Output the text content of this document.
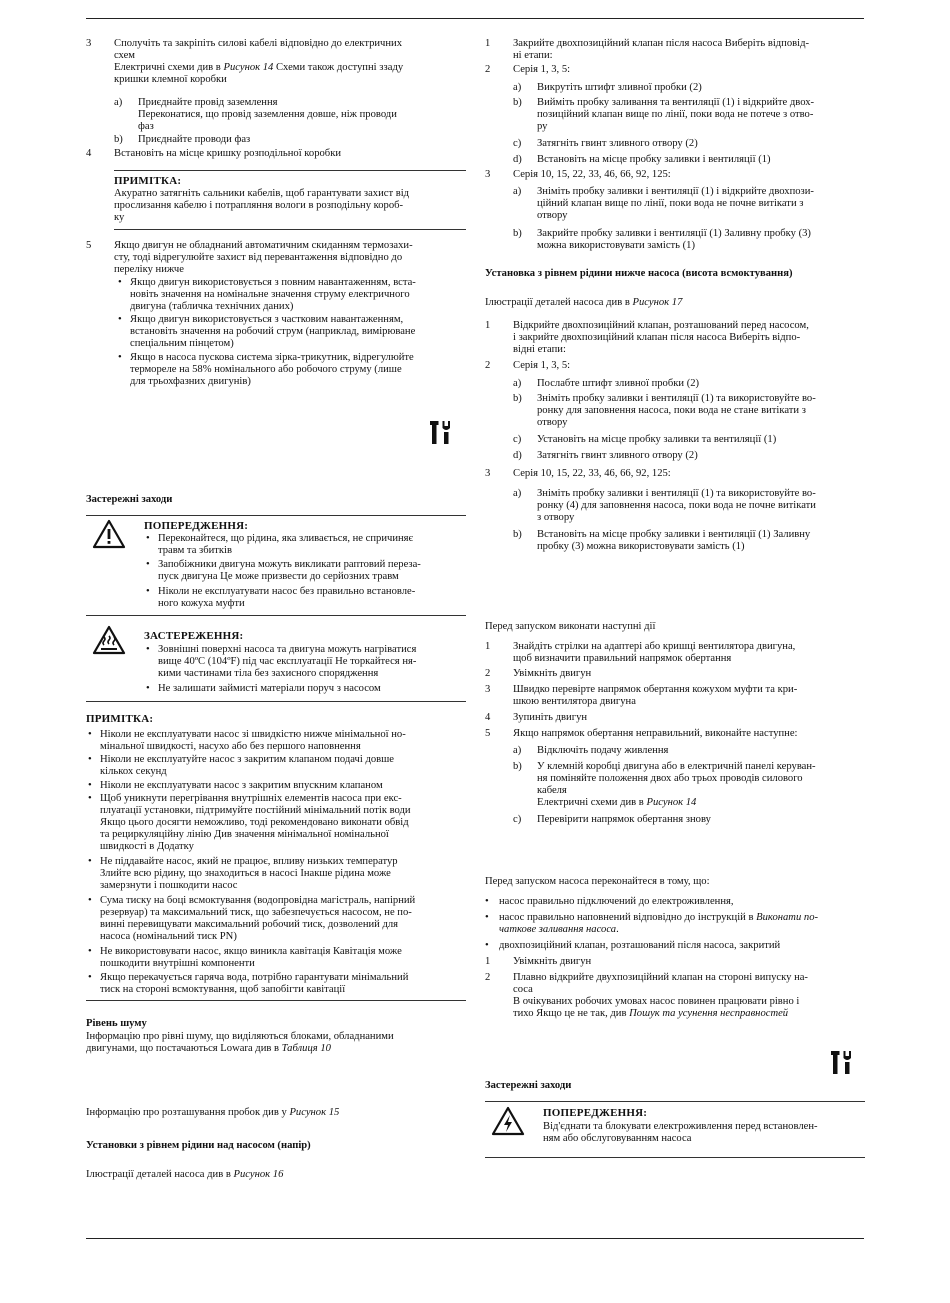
3 Сполучіть та закріпіть силові кабелі відповідно до електричних
схем
Електричні схеми див в Рисунок 14 Схеми також доступні ззаду
кришки клемної коробки
a) Приєднайте провід заземлення
Переконатися, що провід заземлення довше, ніж проводи
фаз
b) Приєднайте проводи фаз
4 Встановіть на місце кришку розподільної коробки
ПРИМІТКА:
Акуратно затягніть сальники кабелів, щоб гарантувати захист від
прослизання кабелю і потрапляння вологи в розподільну короб-
ку
5 Якщо двигун не обладнаний автоматичним скиданням термозахи-
сту, тоді відрегулюйте захист від перевантаження відповідно до
переліку нижче
• Якщо двигун використовується з повним навантаженням, вста-
новіть значення на номінальне значення струму електричного
двигуна (табличка технічних даних)
• Якщо двигун використовується з частковим навантаженням,
встановіть значення на робочий струм (наприклад, вимірюване
спеціальним пінцетом)
• Якщо в насоса пускова система зірка-трикутник, відрегулюйте
термореле на 58% номінального або робочого струму (лише
для трьохфазних двигунів)
Застережні заходи
ПОПЕРЕДЖЕННЯ:
• Переконайтеся, що рідина, яка зливається, не спричиняє
травм та збитків
• Запобіжники двигуна можуть викликати раптовий переза-
пуск двигуна Це може призвести до серйозних травм
• Ніколи не експлуатувати насос без правильно встановле-
ного кожуха муфти
ЗАСТЕРЕЖЕННЯ:
• Зовнішні поверхні насоса та двигуна можуть нагріватися
вище 40ºC (104ºF) під час експлуатації Не торкайтеся ня-
кими частинами тіла без захисного спорядження
• Не залишати займисті матеріали поруч з насосом
ПРИМІТКА:
• Ніколи не експлуатувати насос зі швидкістю нижче мінімальної но-
мінальної швидкості, насухо або без першого наповнення
• Ніколи не експлуатуйте насос з закритим клапаном подачі довше
кількох секунд
• Ніколи не експлуатувати насос з закритим впускним клапаном
• Щоб уникнути перегрівання внутрішніх елементів насоса при екс-
плуатації установки, підтримуйте постійний мінімальний потік води
Якщо цього досягти неможливо, тоді рекомендовано виконати обвід
та рециркуляційну лінію Див значення мінімальної номінальної
швидкості в Додатку
• Не піддавайте насос, який не працює, впливу низьких температур
Злийте всю рідину, що знаходиться в насосі Інакше рідина може
замерзнути і пошкодити насос
• Сума тиску на боці всмоктування (водопровідна магістраль, напірний
резервуар) та максимальний тиск, що забезпечується насосом, не по-
винні перевищувати максимальний робочий тиск, дозволений для
насоса (номінальний тиск PN)
• Не використовувати насос, якщо виникла кавітація Кавітація може
пошкодити внутрішні компоненти
• Якщо перекачується гаряча вода, потрібно гарантувати мінімальний
тиск на стороні всмоктування, щоб запобігти кавітації
Рівень шуму
Інформацію про рівні шуму, що виділяються блоками, обладнаними
двигунами, що постачаються Lowara див в Таблиця 10
Інформацію про розташування пробок див у Рисунок 15
Установки з рівнем рідини над насосом (напір)
Ілюстрації деталей насоса див в Рисунок 16
1 Закрийте двохпозиційний клапан після насоса Виберіть відповід-
ні етапи:
2 Серія 1, 3, 5:
a) Викрутіть штифт зливної пробки (2)
b) Вийміть пробку заливання та вентиляції (1) і відкрийте двох-
позиційний клапан вище по лінії, поки вода не потече з отво-
ру
c) Затягніть гвинт зливного отвору (2)
d) Встановіть на місце пробку заливки і вентиляції (1)
3 Серія 10, 15, 22, 33, 46, 66, 92, 125:
a) Зніміть пробку заливки і вентиляції (1) і відкрийте двохпози-
ційний клапан вище по лінії, поки вода не почне витікати з
отвору
b) Закрийте пробку заливки і вентиляції (1) Заливну пробку (3)
можна використовувати замість (1)
Установка з рівнем рідини нижче насоса (висота всмоктування)
Ілюстрації деталей насоса див в Рисунок 17
1 Відкрийте двохпозиційний клапан, розташований перед насосом,
і закрийте двохпозиційний клапан після насоса Виберіть відпо-
відні етапи:
2 Серія 1, 3, 5:
a) Послабте штифт зливної пробки (2)
b) Зніміть пробку заливки і вентиляції (1) та використовуйте во-
ронку для заповнення насоса, поки вода не стане витікати з
отвору
c) Установіть на місце пробку заливки та вентиляції (1)
d) Затягніть гвинт зливного отвору (2)
3 Серія 10, 15, 22, 33, 46, 66, 92, 125:
a) Зніміть пробку заливки і вентиляції (1) та використовуйте во-
ронку (4) для заповнення насоса, поки вода не почне витікати
з отвору
b) Встановіть на місце пробку заливки і вентиляції (1) Заливну
пробку (3) можна використовувати замість (1)
Перед запуском виконати наступні дії
1 Знайдіть стрілки на адаптері або кришці вентилятора двигуна,
щоб визначити правильний напрямок обертання
2 Увімкніть двигун
3 Швидко перевірте напрямок обертання кожухом муфти та кри-
шкою вентилятора двигуна
4 Зупиніть двигун
5 Якщо напрямок обертання неправильний, виконайте наступне:
a) Відключіть подачу живлення
b) У клемній коробці двигуна або в електричній панелі керуван-
ня поміняйте положення двох або трьох проводів силового
кабеля
Електричні схеми див в Рисунок 14
c) Перевірити напрямок обертання знову
Перед запуском насоса переконайтеся в тому, що:
• насос правильно підключений до електроживлення,
• насос правильно наповнений відповідно до інструкцій в Виконати по-
чаткове заливання насоса.
• двохпозиційний клапан, розташований після насоса, закритий
1 Увімкніть двигун
2 Плавно відкрийте двухпозиційний клапан на стороні випуску на-
соса
В очікуваних робочих умовах насос повинен працювати рівно і
тихо Якщо це не так, див Пошук та усунення несправностей
Застережні заходи
ПОПЕРЕДЖЕННЯ:
Від'єднати та блокувати електроживлення перед встановлен-
ням або обслуговуванням насоса
